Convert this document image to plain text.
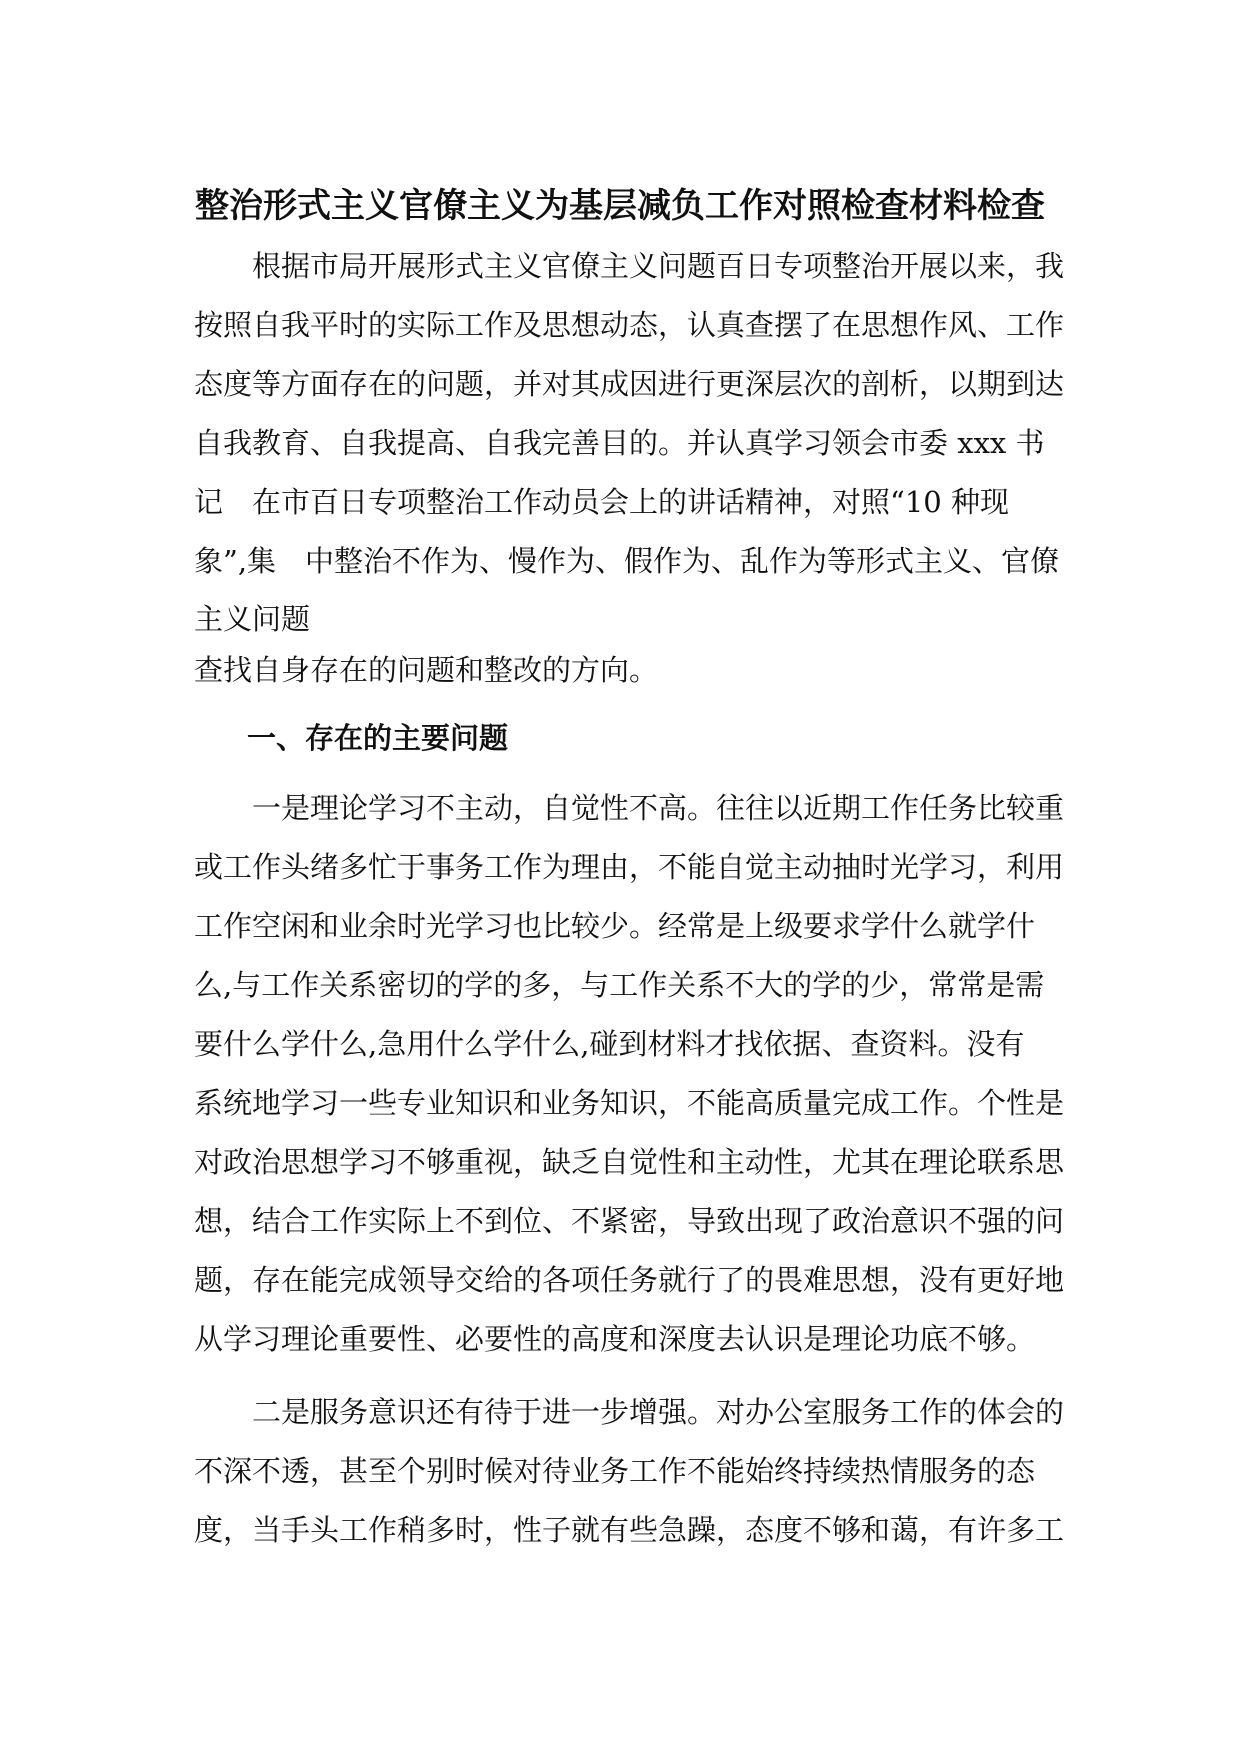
整治形式主义官僚主义为基层减负工作对照检查材料检查
　　根据市局开展形式主义官僚主义问题百日专项整治开展以来，我
按照自我平时的实际工作及思想动态，认真查摆了在思想作风、工作
态度等方面存在的问题，并对其成因进行更深层次的剖析，以期到达
自我教育、自我提高、自我完善目的。并认真学习领会市委 xxx 书
记　在市百日专项整治工作动员会上的讲话精神，对照“10 种现
象”,集　中整治不作为、慢作为、假作为、乱作为等形式主义、官僚
主义问题
查找自身存在的问题和整改的方向。
一、存在的主要问题
　　一是理论学习不主动，自觉性不高。往往以近期工作任务比较重
或工作头绪多忙于事务工作为理由，不能自觉主动抽时光学习，利用
工作空闲和业余时光学习也比较少。经常是上级要求学什么就学什
么,与工作关系密切的学的多，与工作关系不大的学的少，常常是需
要什么学什么,急用什么学什么,碰到材料才找依据、查资料。没有
系统地学习一些专业知识和业务知识，不能高质量完成工作。个性是
对政治思想学习不够重视，缺乏自觉性和主动性，尤其在理论联系思
想，结合工作实际上不到位、不紧密，导致出现了政治意识不强的问
题，存在能完成领导交给的各项任务就行了的畏难思想，没有更好地
从学习理论重要性、必要性的高度和深度去认识是理论功底不够。
　　二是服务意识还有待于进一步增强。对办公室服务工作的体会的
不深不透，甚至个别时候对待业务工作不能始终持续热情服务的态
度，当手头工作稍多时，性子就有些急躁，态度不够和蔼，有许多工
